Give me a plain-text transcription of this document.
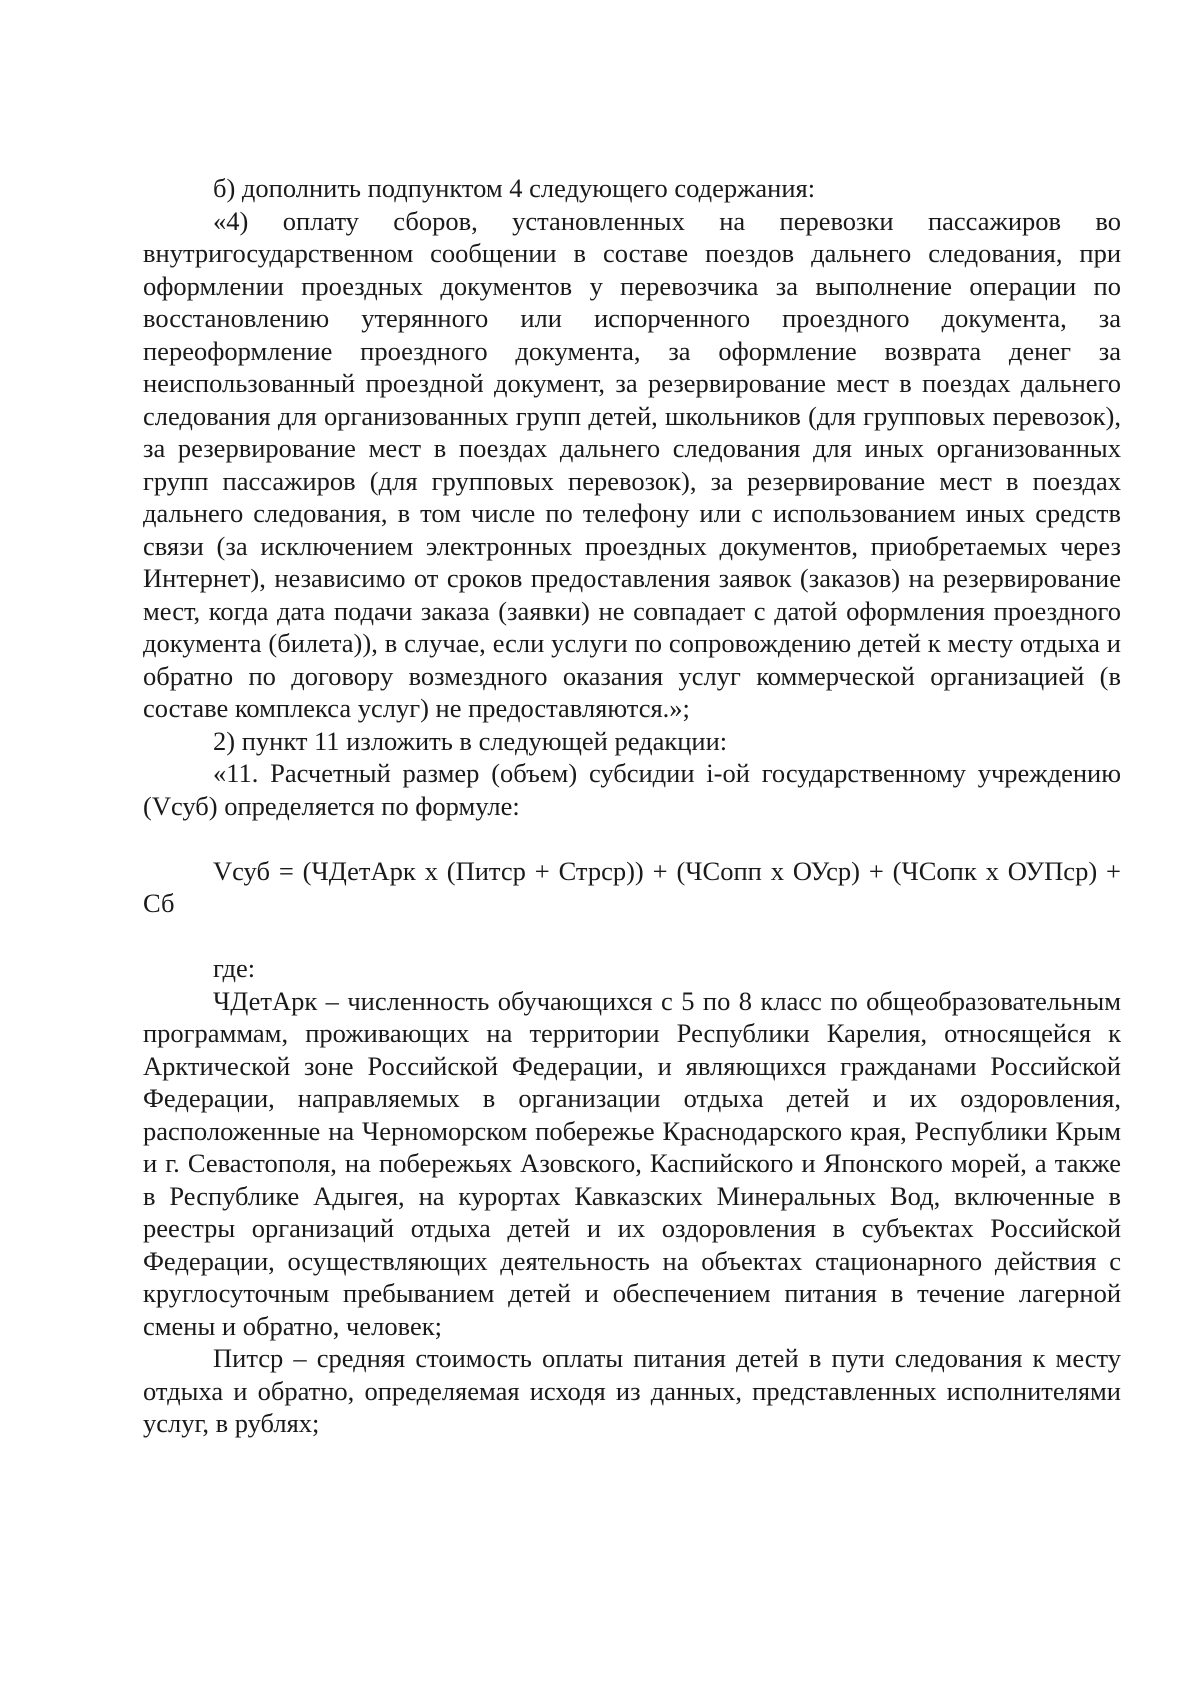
б) дополнить подпунктом 4 следующего содержания:

«4) оплату сборов, установленных на перевозки пассажиров во внутригосударственном сообщении в составе поездов дальнего следования, при оформлении проездных документов у перевозчика за выполнение операции по восстановлению утерянного или испорченного проездного документа, за переоформление проездного документа, за оформление возврата денег за неиспользованный проездной документ, за резервирование мест в поездах дальнего следования для организованных групп детей, школьников (для групповых перевозок), за резервирование мест в поездах дальнего следования для иных организованных групп пассажиров (для групповых перевозок), за резервирование мест в поездах дальнего следования, в том числе по телефону или с использованием иных средств связи (за исключением электронных проездных документов, приобретаемых через Интернет), независимо от сроков предоставления заявок (заказов) на резервирование мест, когда дата подачи заказа (заявки) не совпадает с датой оформления проездного документа (билета)), в случае, если услуги по сопровождению детей к месту отдыха и обратно по договору возмездного оказания услуг коммерческой организацией (в составе комплекса услуг) не предоставляются.»;

2) пункт 11 изложить в следующей редакции:

«11. Расчетный размер (объем) субсидии i-ой государственному учреждению (Vсуб) определяется по формуле:

Vсуб = (ЧДетАрк х (Питср + Стрср)) + (ЧСопп х ОУср) + (ЧСопк х ОУПср) + Сб

где:

ЧДетАрк – численность обучающихся с 5 по 8 класс по общеобразовательным программам, проживающих на территории Республики Карелия, относящейся к Арктической зоне Российской Федерации, и являющихся гражданами Российской Федерации, направляемых в организации отдыха детей и их оздоровления, расположенные на Черноморском побережье Краснодарского края, Республики Крым и г. Севастополя, на побережьях Азовского, Каспийского и Японского морей, а также в Республике Адыгея, на курортах Кавказских Минеральных Вод, включенные в реестры организаций отдыха детей и их оздоровления в субъектах Российской Федерации, осуществляющих деятельность на объектах стационарного действия с круглосуточным пребыванием детей и обеспечением питания в течение лагерной смены и обратно, человек;

Питср – средняя стоимость оплаты питания детей в пути следования к месту отдыха и обратно, определяемая исходя из данных, представленных исполнителями услуг, в рублях;
